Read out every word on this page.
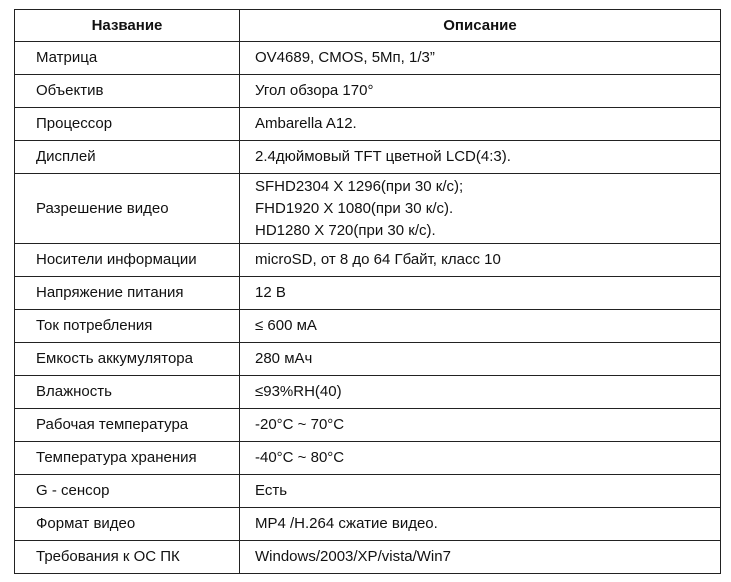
Название	Описание
Матрица	OV4689, CMOS, 5Мп, 1/3”

Объектив	Угол обзора 170°

Процессор	Ambarella A12.

Дисплей	2.4дюймовый TFT цветной LCD(4:3).

Разрешение видео	SFHD2304 X 1296(при 30 к/с);
FHD1920 X 1080(при 30 к/с).
HD1280 X 720(при 30 к/с).

Носители информации	microSD, от 8 до 64 Гбайт, класс 10

Напряжение питания	12 В

Ток потребления	≤ 600 мА

Емкость аккумулятора	280 мАч

Влажность	≤93%RH(40)

Рабочая температура	-20°C ~ 70°C

Температура хранения	-40°C ~ 80°C

G - сенсор	Есть

Формат видео	MP4 /H.264 сжатие видео.

Требования к ОС ПК	Windows/2003/XP/vista/Win7
